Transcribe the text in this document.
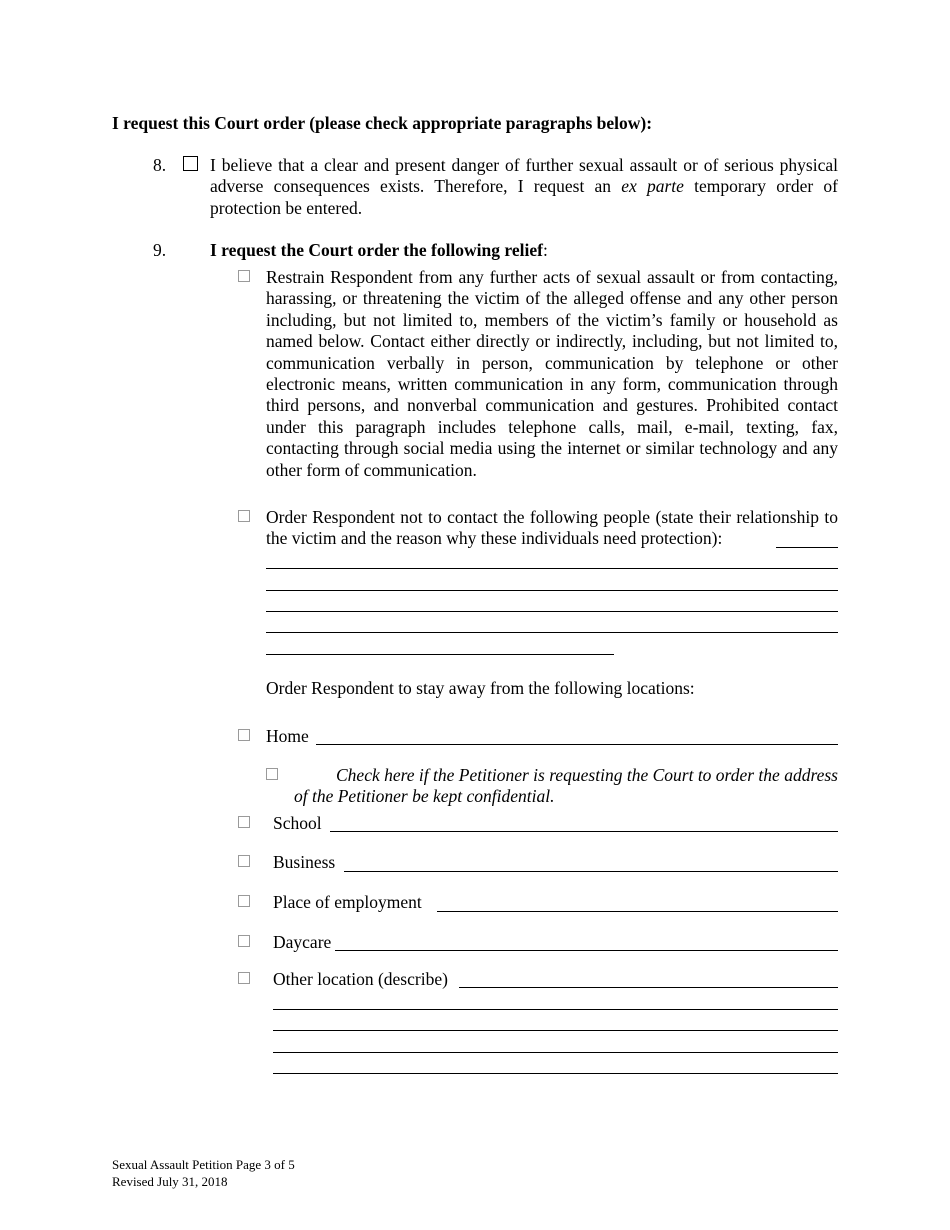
I request this Court order (please check appropriate paragraphs below):
8.	I believe that a clear and present danger of further sexual assault or of serious physical adverse consequences exists. Therefore, I request an ex parte temporary order of protection be entered.
9.	I request the Court order the following relief:
Restrain Respondent from any further acts of sexual assault or from contacting, harassing, or threatening the victim of the alleged offense and any other person including, but not limited to, members of the victim’s family or household as named below. Contact either directly or indirectly, including, but not limited to, communication verbally in person, communication by telephone or other electronic means, written communication in any form, communication through third persons, and nonverbal communication and gestures. Prohibited contact under this paragraph includes telephone calls, mail, e-mail, texting, fax, contacting through social media using the internet or similar technology and any other form of communication.
Order Respondent not to contact the following people (state their relationship to the victim and the reason why these individuals need protection):
Order Respondent to stay away from the following locations:
Home
Check here if the Petitioner is requesting the Court to order the address of the Petitioner be kept confidential.
School
Business
Place of employment
Daycare
Other location (describe)
Sexual Assault Petition Page 3 of 5
Revised July 31, 2018
